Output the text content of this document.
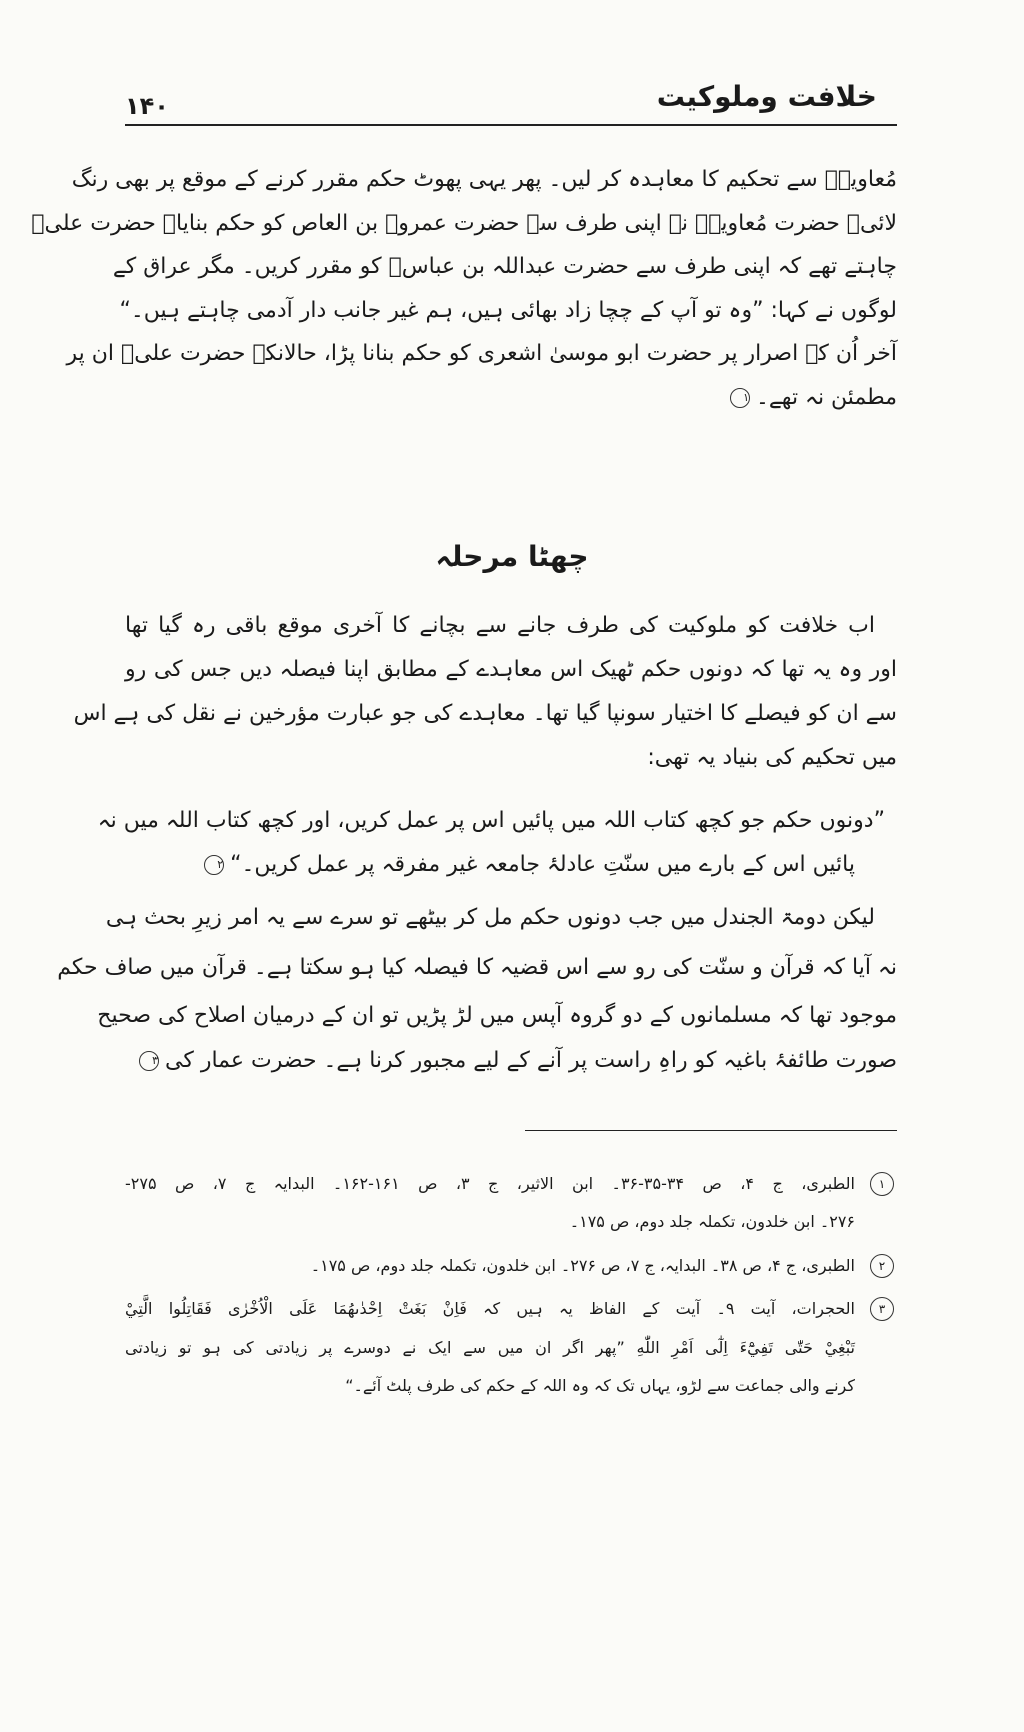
خلافت وملوکیت
۱۴۰
مُعاویہؓ سے تحکیم کا معاہدہ کر لیں۔ پھر یہی پھوٹ حکم مقرر کرنے کے موقع پر بھی رنگ
لائی۔ حضرت مُعاویہؓ نے اپنی طرف سے حضرت عمروؓ بن العاص کو حکم بنایا۔ حضرت علیؓ
چاہتے تھے کہ اپنی طرف سے حضرت عبداللہ بن عباسؓ کو مقرر کریں۔ مگر عراق کے
لوگوں نے کہا: ”وہ تو آپ کے چچا زاد بھائی ہیں، ہم غیر جانب دار آدمی چاہتے ہیں۔“
آخر اُن کے اصرار پر حضرت ابو موسیٰ اشعری کو حکم بنانا پڑا، حالانکہ حضرت علیؓ ان پر
مطمئن نہ تھے۔۱
چھٹا مرحلہ
اب خلافت کو ملوکیت کی طرف جانے سے بچانے کا آخری موقع باقی رہ گیا تھا
اور وہ یہ تھا کہ دونوں حکم ٹھیک اس معاہدے کے مطابق اپنا فیصلہ دیں جس کی رو
سے ان کو فیصلے کا اختیار سونپا گیا تھا۔ معاہدے کی جو عبارت مؤرخین نے نقل کی ہے اس
میں تحکیم کی بنیاد یہ تھی:
”دونوں حکم جو کچھ کتاب اللہ میں پائیں اس پر عمل کریں، اور کچھ کتاب اللہ میں نہ
پائیں اس کے بارے میں سنّتِ عادلۂ جامعہ غیر مفرقہ پر عمل کریں۔“۲
لیکن دومۃ الجندل میں جب دونوں حکم مل کر بیٹھے تو سرے سے یہ امر زیرِ بحث ہی
نہ آیا کہ قرآن و سنّت کی رو سے اس قضیہ کا فیصلہ کیا ہو سکتا ہے۔ قرآن میں صاف حکم
موجود تھا کہ مسلمانوں کے دو گروہ آپس میں لڑ پڑیں تو ان کے درمیان اصلاح کی صحیح
صورت طائفۂ باغیہ کو راہِ راست پر آنے کے لیے مجبور کرنا ہے۔ حضرت عمار کی۳
۱
الطبری، ج ۴، ص ۳۴-۳۵-۳۶۔ ابن الاثیر، ج ۳، ص ۱۶۱-۱۶۲۔ البدایہ ج ۷، ص ۲۷۵-
۲۷۶۔ ابن خلدون، تکملہ جلد دوم، ص ۱۷۵۔
۲
الطبری، ج ۴، ص ۳۸۔ البدایہ، ج ۷، ص ۲۷۶۔ ابن خلدون، تکملہ جلد دوم، ص ۱۷۵۔
۳
الحجرات، آیت ۹۔ آیت کے الفاظ یہ ہیں کہ فَاِنْ بَغَتْ اِحْدٰىهُمَا عَلَى الْاُخْرٰى فَقَاتِلُوا الَّتِيْ
تَبْغِيْ حَتّٰى تَفِيْٓءَ اِلٰٓى اَمْرِ اللّٰهِ ”پھر اگر ان میں سے ایک نے دوسرے پر زیادتی کی ہو تو زیادتی
کرنے والی جماعت سے لڑو، یہاں تک کہ وہ اللہ کے حکم کی طرف پلٹ آئے۔“
